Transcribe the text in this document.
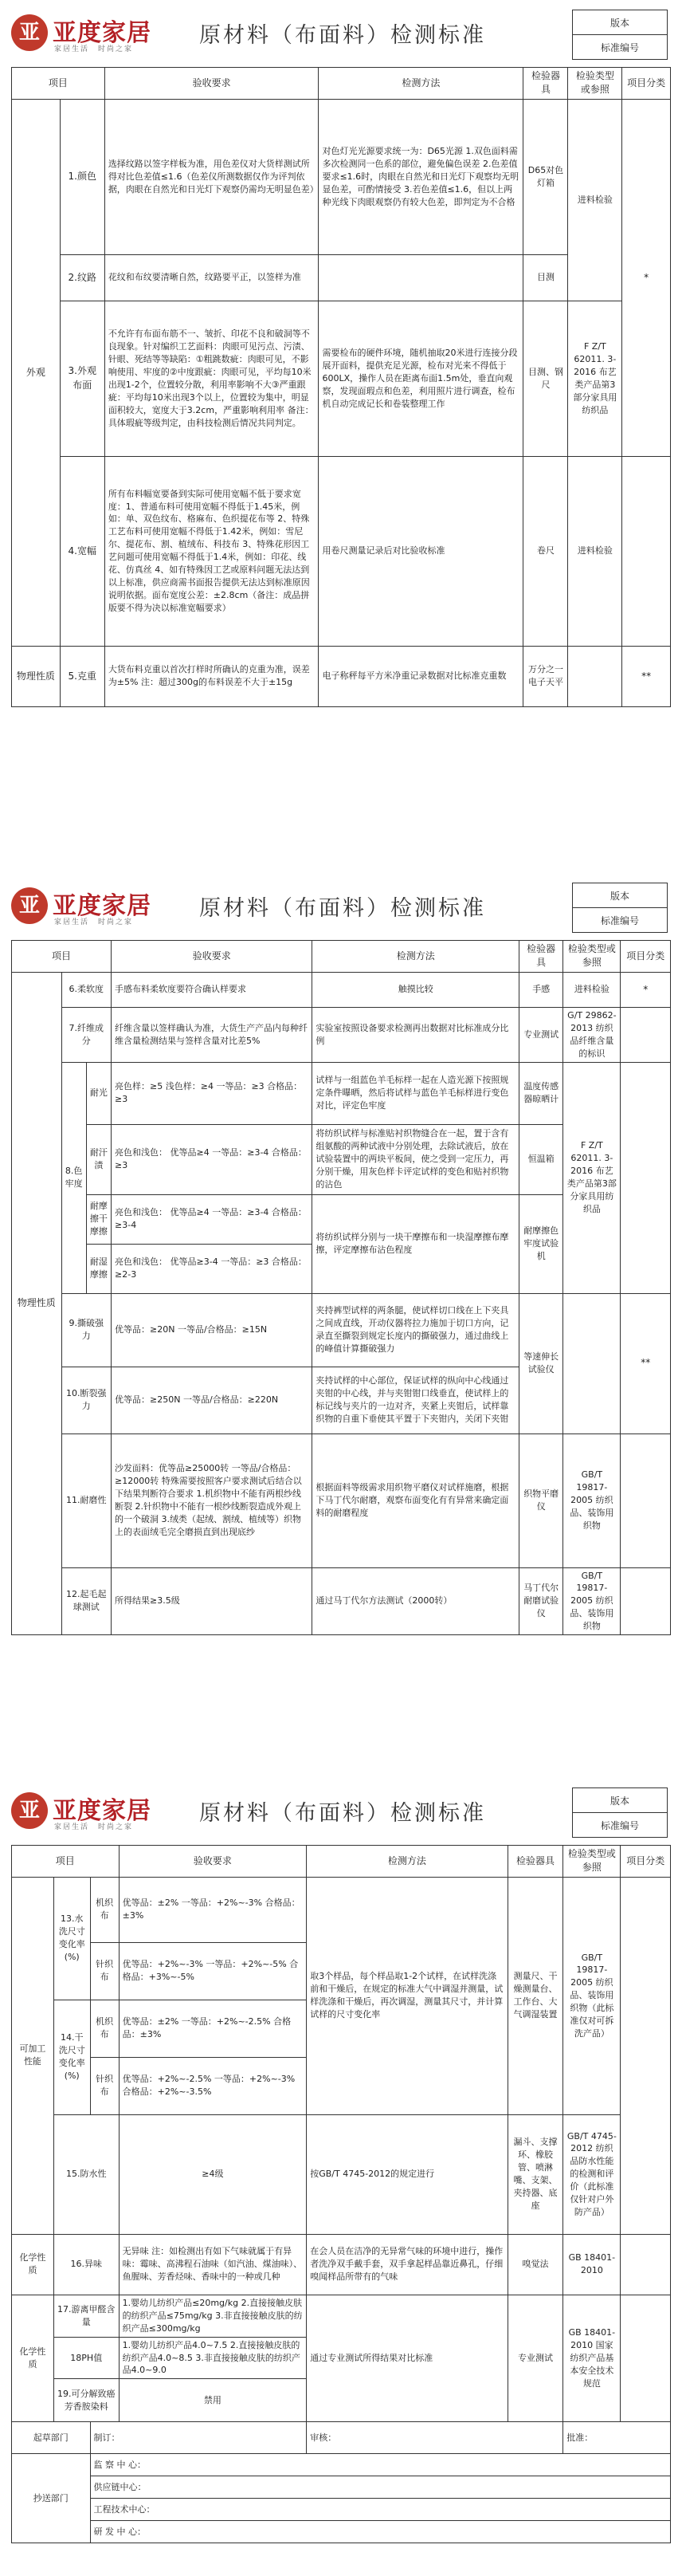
亚 亚度家居
家居生活　时尚之家
原材料（布面料）检测标准
版本
标准编号
项目		验收要求	检测方法	检验器具	检验类型或参照	项目分类
外观	1.颜色	选择纹路以签字样板为准，用色差仪对大货样测试所得对比色差值≤1.6（色差仪所测数据仅作为评判依据，肉眼在自然光和日光灯下观察仍需均无明显色差）	对色灯光光源要求统一为：D65光源 1.双色面料需多次检测同一色系的部位，避免偏色误差 2.色差值要求≤1.6时，肉眼在自然光和日光灯下观察均无明显色差，可酌情接受 3.若色差值≤1.6，但以上两种光线下肉眼观察仍有较大色差，即判定为不合格	D65对色灯箱	进料检验	*
	2.纹路	花纹和布纹要清晰自然，纹路要平正，以签样为准		目测		
	3.外观布面	不允许有布面布筋不一、皱折、印花不良和破洞等不良现象。针对编织工艺面料：肉眼可见污点、污渍、针眼、死结等等缺陷：①粗跳数疵：肉眼可见，不影响使用、牢度的②中度跟疵：肉眼可见，平均每10米出现1-2个，位置较分散，利用率影响不大③严重跟疵：平均每10米出现3个以上，位置较为集中，明显面积较大，宽度大于3.2cm，严重影响利用率 备注：具体瑕疵等级判定，由科技检测后情况共同判定。	需要检布的硬件环境，随机抽取20米进行连接分段展开面料，提供充足光源，检布对光来不得低于600LX，操作人员在距离布面1.5m处，垂直向观察，发现面瑕点和色差，利用照片进行调查，检布机自动完成记长和卷装整理工作	目测、钢尺	F Z/T 62011. 3-2016 布艺类产品第3部分家具用纺织品	
	4.宽幅	所有布料幅宽要备到实际可使用宽幅不低于要求宽度：1、普通布料可使用宽幅不得低于1.45米，例如：单、双色纹布、格麻布、色织提花布等 2、特殊工艺布料可使用宽幅不得低于1.42米，例如：雪尼尔、提花布、割、植绒布、科技布 3、特殊花形因工艺问题可使用宽幅不得低于1.4米，例如：印花、线花、仿真丝 4、如有特殊因工艺或原料问题无法达到以上标准，供应商需书面报告提供无法达到标准原因说明依据。面布宽度公差：±2.8cm（备注：成品拼版要不得为决以标准宽幅要求）	用卷尺测量记录后对比验收标准	卷尺	进料检验	
物理性质	5.克重	大货布料克重以首次打样时所确认的克重为准，误差为±5% 注：超过300g的布料误差不大于±15g	电子称秤每平方米净重记录数据对比标准克重数	万分之一电子天平		**
亚 亚度家居
家居生活　时尚之家
原材料（布面料）检测标准
版本
标准编号
项目			验收要求	检测方法	检验器具	检验类型或参照	项目分类
物理性质	6.柔软度		手感布料柔软度要符合确认样要求	触摸比较	手感	进料检验	*
	7.纤维成分		纤维含量以签样确认为准，大货生产产品内每种纤维含量检测结果与签样含量对比差5%	实验室按照设备要求检测再出数据对比标准成分比例	专业测试	G/T 29862-2013 纺织品纤维含量的标识	
	8.色牢度	耐光	亮色样：≥5 浅色样：≥4 一等品：≥3 合格品：≥3	试样与一组蓝色羊毛标样一起在人造光源下按照规定条件曝晒，然后将试样与蓝色羊毛标样进行变色对比，评定色牢度	温度传感器晾晒计	F Z/T 62011. 3-2016 布艺类产品第3部分家具用纺织品	
		耐汗渍	亮色和浅色： 优等品≥4 一等品：≥3-4 合格品：≥3	将纺织试样与标准贴衬织物缝合在一起，置于含有组氨酸的两种试液中分别处理，去除试液后，放在试验装置中的两块平板间，使之受到一定压力，再分别干燥，用灰色样卡评定试样的变色和贴衬织物的沾色	恒温箱		
		耐摩擦干摩擦	亮色和浅色： 优等品≥4 一等品：≥3-4 合格品：≥3-4	将纺织试样分别与一块干摩擦布和一块湿摩擦布摩擦，评定摩擦布沾色程度	耐摩擦色牢度试验机		
		耐湿摩擦	亮色和浅色： 优等品≥3-4 一等品：≥3 合格品：≥2-3				
	9.撕破强力		优等品：≥20N 一等品/合格品：≥15N	夹持裤型试样的两条腿，使试样切口线在上下夹具之间成直线，开动仪器将拉力施加于切口方向，记录直至撕裂到规定长度内的撕破强力，通过曲线上的峰值计算撕破强力	等速伸长试验仪		**
	10.断裂强力		优等品：≥250N 一等品/合格品：≥220N	夹持试样的中心部位，保证试样的纵向中心线通过夹钳的中心线，并与夹钳钳口线垂直，使试样上的标记线与夹片的一边对齐，夹紧上夹钳后，试样靠织物的自重下垂使其平置于下夹钳内，关闭下夹钳			
	11.耐磨性		沙发面料：优等品≥25000转 一等品/合格品：≥12000转 特殊需要按照客户要求测试后结合以下结果判断符合要求 1.机织物中不能有两根纱线断裂 2.针织物中不能有一根纱线断裂造成外观上的一个破洞 3.绒类（起绒、割绒、植绒等）织物上的表面绒毛完全磨损直到出现底纱	根据面料等级需求用织物平磨仪对试样施磨，根据下马丁代尔耐磨，观察布面变化有有异常来确定面料的耐磨程度	织物平磨仪	GB/T 19817-2005 纺织品、装饰用织物	
	12.起毛起球测试		所得结果≥3.5级	通过马丁代尔方法测试（2000转）	马丁代尔耐磨试验仪	GB/T 19817-2005 纺织品、装饰用织物	
亚 亚度家居
家居生活　时尚之家
原材料（布面料）检测标准
版本
标准编号
项目			验收要求	检测方法	检验器具	检验类型或参照	项目分类
可加工性能	13.水洗尺寸变化率(%)	机织布	优等品：±2% 一等品：+2%~-3% 合格品：±3%	取3个样品，每个样品取1-2个试样，在试样洗涤前和干燥后，在规定的标准大气中调湿并测量，试样洗涤和干燥后，再次调湿，测量其尺寸，并计算试样的尺寸变化率	测量尺、干燥测量台、工作台、大气调湿装置	GB/T 19817-2005 纺织品、装饰用织物（此标准仅对可拆洗产品）	
		针织布	优等品：+2%~-3% 一等品：+2%~-5% 合格品：+3%~-5%				
	14.干洗尺寸变化率(%)	机织布	优等品：±2% 一等品：+2%~-2.5% 合格品：±3%				
		针织布	优等品：+2%~-2.5% 一等品：+2%~-3% 合格品：+2%~-3.5%				
	15.防水性		≥4级	按GB/T 4745-2012的规定进行	漏斗、支撑环、橡胶管、喷淋嘴、支架、夹持器、底座	GB/T 4745-2012 纺织品防水性能的检测和评价（此标准仅针对户外防产品）	
化学性质	16.异味		无异味 注：如检测出有如下气味就属于有异味：霉味、高沸程石油味（如汽油、煤油味）、鱼腥味、芳香烃味、香味中的一种或几种	在会人员在洁净的无异常气味的环境中进行，操作者洗净双手戴手套，双手拿起样品靠近鼻孔，仔细嗅闻样品所带有的气味	嗅觉法	GB 18401-2010	
化学性质	17.游离甲醛含量		1.婴幼儿纺织产品≤20mg/kg 2.直接接触皮肤的纺织产品≤75mg/kg 3.非直接接触皮肤的纺织产品≤300mg/kg	通过专业测试所得结果对比标准	专业测试	GB 18401-2010 国家纺织产品基本安全技术规范	
	18PH值		1.婴幼儿纺织产品4.0~7.5 2.直接接触皮肤的纺织产品4.0~8.5 3.非直接接触皮肤的纺织产品4.0~9.0				
	19.可分解致癌芳香胺染料		禁用				
起草部门		制订：		审核：		批准：	
抄送部门		监 察 中 心：					
		供应链中心：					
		工程技术中心：					
		研 发 中 心：					
